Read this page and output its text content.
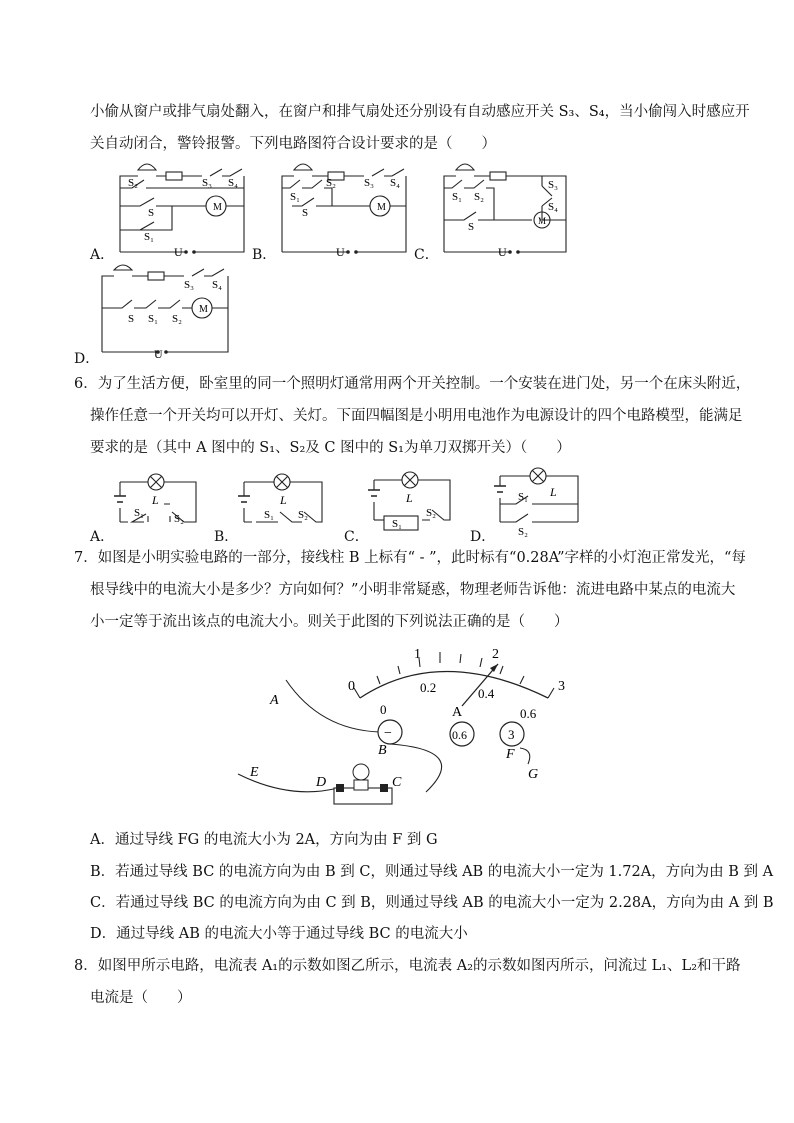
小偷从窗户或排气扇处翻入，在窗户和排气扇处还分别设有自动感应开关 S₃、S₄，当小偷闯入时感应开
关自动闭合，警铃报警。下列电路图符合设计要求的是（　　）
A．
M
S₂	S₃ S₄
S
S₁
U	B．
M
S₂	S₃ S₄
S₁
S
U	C．
M
S₃
S₄
S₁ S₂
S
U
D．
M
S₃ S₄
S S₁ S₂
U
6．为了生活方便，卧室里的同一个照明灯通常用两个开关控制。一个安装在进门处，另一个在床头附近，
操作任意一个开关均可以开灯、关灯。下面四幅图是小明用电池作为电源设计的四个电路模型，能满足
要求的是（其中 A 图中的 S₁、S₂及 C 图中的 S₁为单刀双掷开关）（　　）
A．
L
S₁	S₂
B．
L
S₁ S₂
C．
L
S₁
S₂
D．
L
S₁
S₂
7．如图是小明实验电路的一部分，接线柱 B 上标有“ - ”，此时标有“0.28A”字样的小灯泡正常发光，“每
根导线中的电流大小是多少？方向如何？”小明非常疑惑，物理老师告诉他：流进电路中某点的电流大
小一定等于流出该点的电流大小。则关于此图的下列说法正确的是（　　）
0
1	2
3
0
0.2	0.4
0.6
−	0.6	3
A
B
A
C
D
E
F
G
A．通过导线 FG 的电流大小为 2A，方向为由 F 到 G
B．若通过导线 BC 的电流方向为由 B 到 C，则通过导线 AB 的电流大小一定为 1.72A，方向为由 B 到 A
C．若通过导线 BC 的电流方向为由 C 到 B，则通过导线 AB 的电流大小一定为 2.28A，方向为由 A 到 B
D．通过导线 AB 的电流大小等于通过导线 BC 的电流大小
8．如图甲所示电路，电流表 A₁的示数如图乙所示，电流表 A₂的示数如图丙所示，问流过 L₁、L₂和干路
电流是（　　）
